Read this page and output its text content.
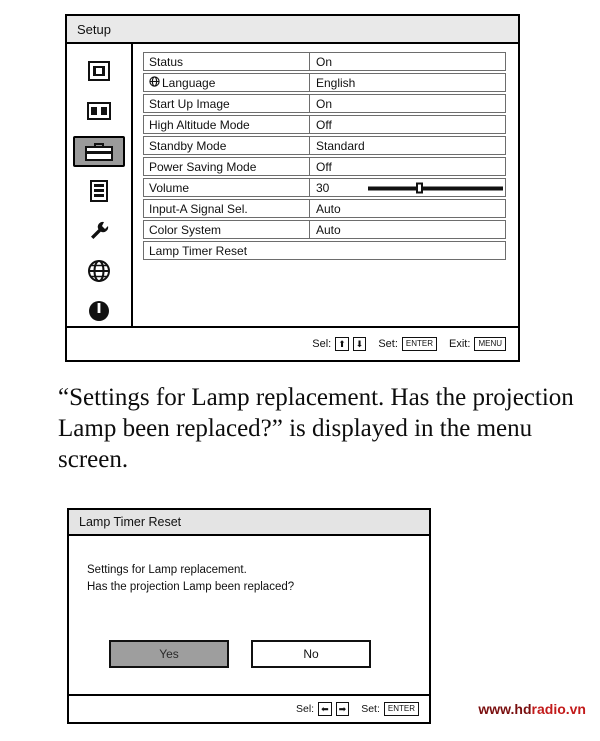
Setup
Status	On
Language	English
Start Up Image	On
High Altitude Mode	Off
Standby Mode	Standard
Power Saving Mode	Off
Volume	30
Input-A Signal Sel.	Auto
Color System	Auto
Lamp Timer Reset
Sel: ⬆	⬇ Set:	ENTER	Exit:	MENU
“Settings for Lamp replacement. Has the projection Lamp been replaced?” is displayed in the menu screen.
Lamp Timer Reset
Settings for Lamp replacement.
Has the projection Lamp been replaced?
Yes	No
Sel: ⬅	➡ Set:	ENTER	www.hdradio.vn
